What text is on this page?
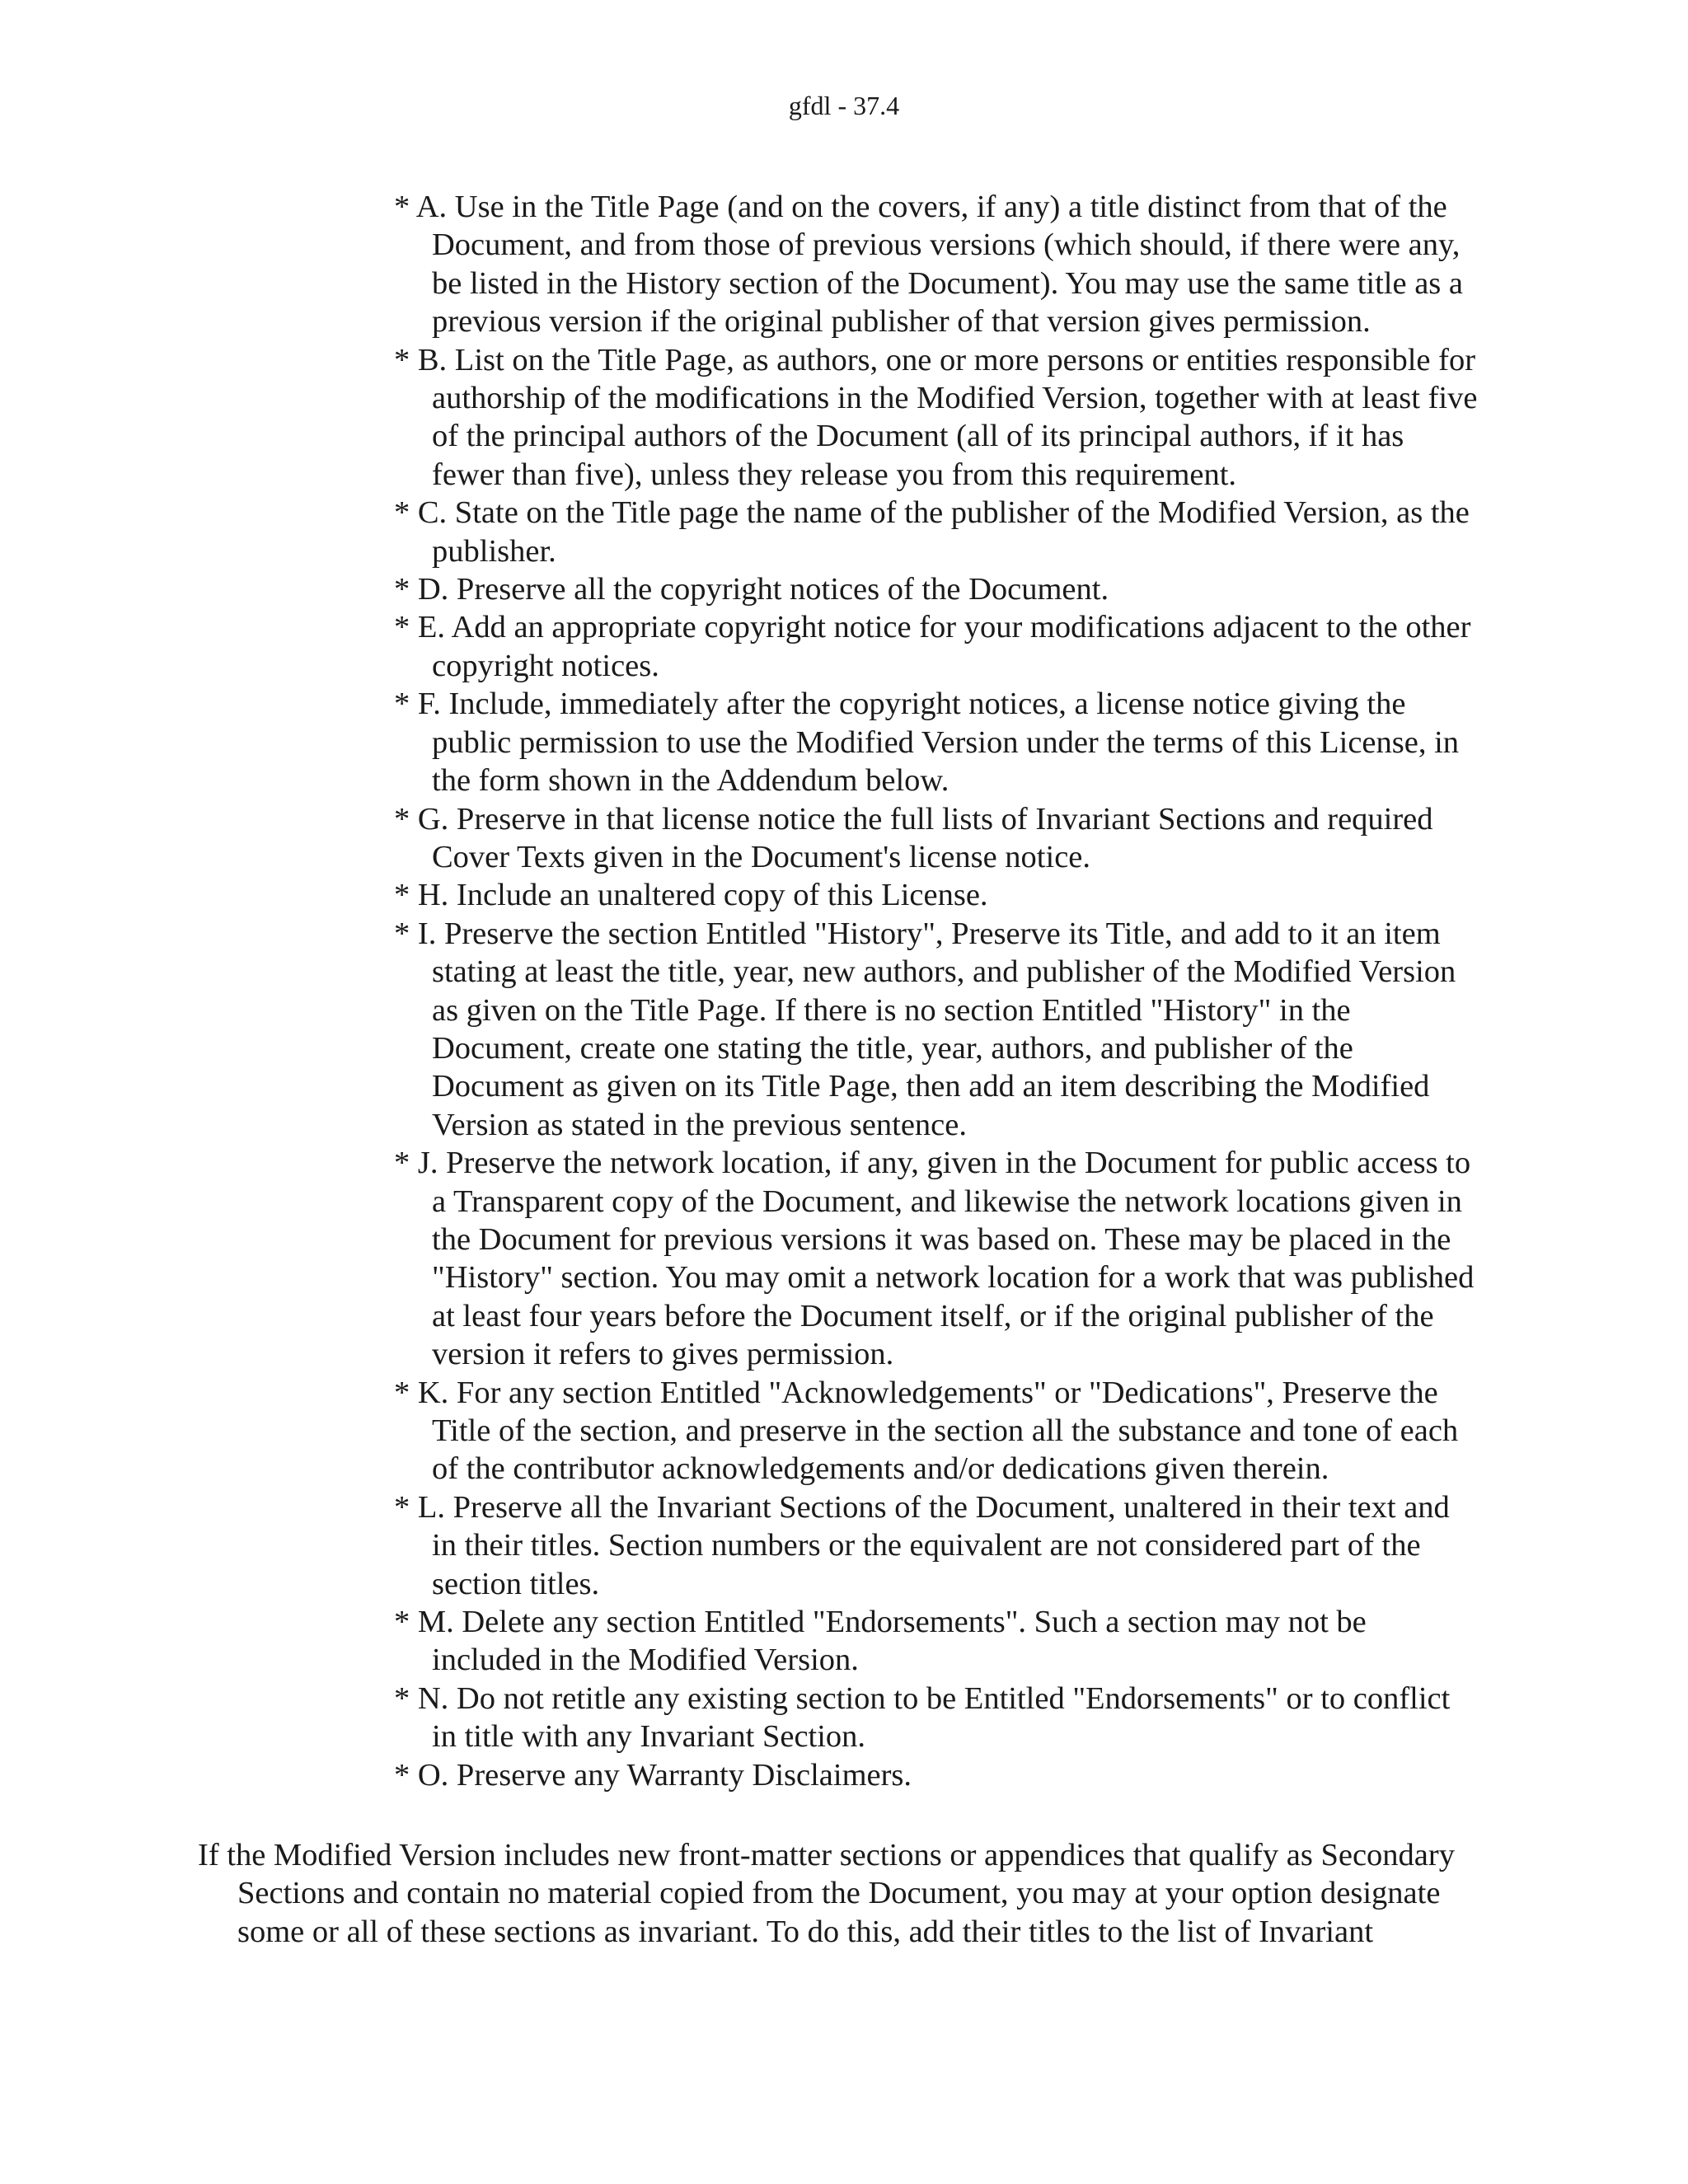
gfdl - 37.4
* A. Use in the Title Page (and on the covers, if any) a title distinct from that of the Document, and from those of previous versions (which should, if there were any, be listed in the History section of the Document). You may use the same title as a previous version if the original publisher of that version gives permission.
* B. List on the Title Page, as authors, one or more persons or entities responsible for authorship of the modifications in the Modified Version, together with at least five of the principal authors of the Document (all of its principal authors, if it has fewer than five), unless they release you from this requirement.
* C. State on the Title page the name of the publisher of the Modified Version, as the publisher.
* D. Preserve all the copyright notices of the Document.
* E. Add an appropriate copyright notice for your modifications adjacent to the other copyright notices.
* F. Include, immediately after the copyright notices, a license notice giving the public permission to use the Modified Version under the terms of this License, in the form shown in the Addendum below.
* G. Preserve in that license notice the full lists of Invariant Sections and required Cover Texts given in the Document's license notice.
* H. Include an unaltered copy of this License.
* I. Preserve the section Entitled "History", Preserve its Title, and add to it an item stating at least the title, year, new authors, and publisher of the Modified Version as given on the Title Page. If there is no section Entitled "History" in the Document, create one stating the title, year, authors, and publisher of the Document as given on its Title Page, then add an item describing the Modified Version as stated in the previous sentence.
* J. Preserve the network location, if any, given in the Document for public access to a Transparent copy of the Document, and likewise the network locations given in the Document for previous versions it was based on. These may be placed in the "History" section. You may omit a network location for a work that was published at least four years before the Document itself, or if the original publisher of the version it refers to gives permission.
* K. For any section Entitled "Acknowledgements" or "Dedications", Preserve the Title of the section, and preserve in the section all the substance and tone of each of the contributor acknowledgements and/or dedications given therein.
* L. Preserve all the Invariant Sections of the Document, unaltered in their text and in their titles. Section numbers or the equivalent are not considered part of the section titles.
* M. Delete any section Entitled "Endorsements". Such a section may not be included in the Modified Version.
* N. Do not retitle any existing section to be Entitled "Endorsements" or to conflict in title with any Invariant Section.
* O. Preserve any Warranty Disclaimers.

If the Modified Version includes new front-matter sections or appendices that qualify as Secondary Sections and contain no material copied from the Document, you may at your option designate some or all of these sections as invariant. To do this, add their titles to the list of Invariant
